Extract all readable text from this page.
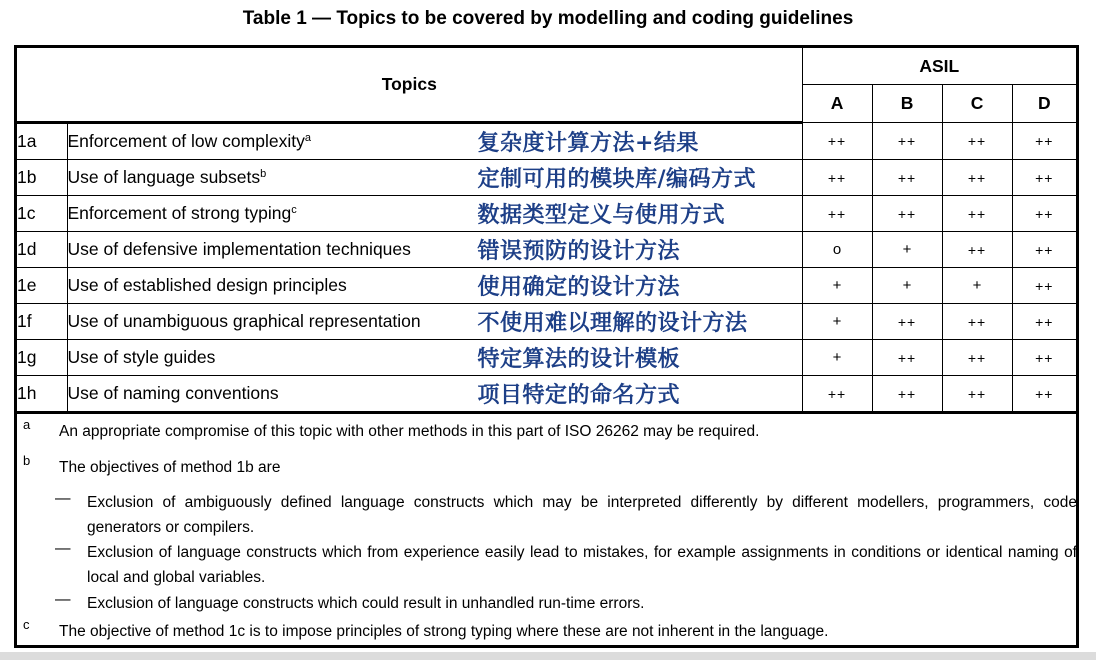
Table 1 — Topics to be covered by modelling and coding guidelines
Topics		ASIL			
		A	B	C	D
1a	Enforcement of low complexity$^a$ 复杂度计算方法+结果	++	++	++	++
1b	Use of language subsets$^b$ 定制可用的模块库/编码方式	++	++	++	++
1c	Enforcement of strong typing$^c$ 数据类型定义与使用方式	++	++	++	++
1d	Use of defensive implementation techniques 错误预防的设计方法	o	+	++	++
1e	Use of established design principles 使用确定的设计方法	+	+	+	++
1f	Use of unambiguous graphical representation 不使用难以理解的设计方法	+	++	++	++
1g	Use of style guides 特定算法的设计模板	+	++	++	++
1h	Use of naming conventions 项目特定的命名方式	++	++	++	++
a An appropriate compromise of this topic with other methods in this part of ISO 26262 may be required.
b The objectives of method 1b are
— Exclusion of ambiguously defined language constructs which may be interpreted differently by different modellers, programmers, code generators or compilers.
— Exclusion of language constructs which from experience easily lead to mistakes, for example assignments in conditions or identical naming of local and global variables.
— Exclusion of language constructs which could result in unhandled run-time errors.
c The objective of method 1c is to impose principles of strong typing where these are not inherent in the language.
